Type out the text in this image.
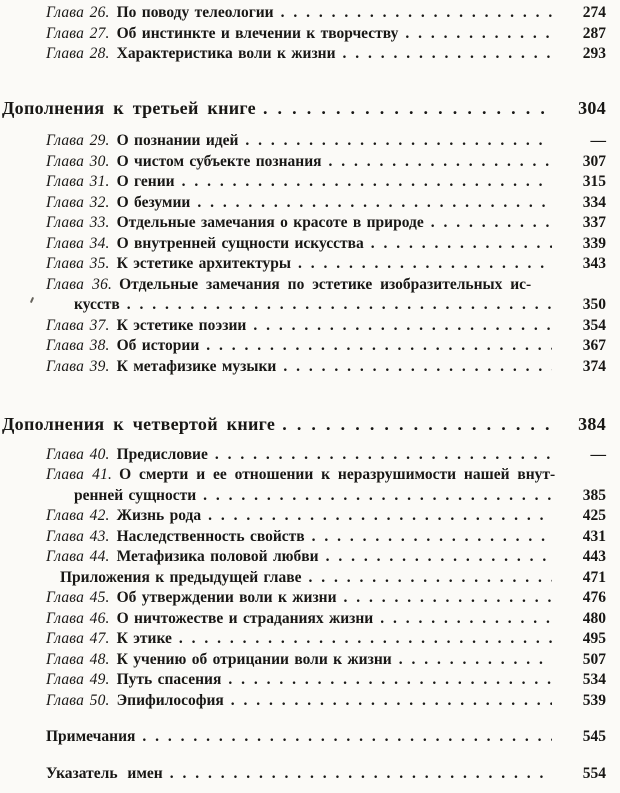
Глава 26. По поводу телеологии . . .	274
Глава 27. Об инстинкте и влечении к творчеству . . .	287
Глава 28. Характеристика воли к жизни . . .	293
Дополнения к третьей книге . . .	304
Глава 29. О познании идей . . .	—
Глава 30. О чистом субъекте познания . . .	307
Глава 31. О гении . . .	315
Глава 32. О безумии . . .	334
Глава 33. Отдельные замечания о красоте в природе . . .	337
Глава 34. О внутренней сущности искусства . . .	339
Глава 35. К эстетике архитектуры . . .	343
Глава 36. Отдельные замечания по эстетике изобразительных ис-
кусств . . .	350
Глава 37. К эстетике поэзии . . .	354
Глава 38. Об истории . . .	367
Глава 39. К метафизике музыки . . .	374
Дополнения к четвертой книге . . .	384
Глава 40. Предисловие . . .	—
Глава 41. О смерти и ее отношении к неразрушимости нашей внут-
ренней сущности . . .	385
Глава 42. Жизнь рода . . .	425
Глава 43. Наследственность свойств . . .	431
Глава 44. Метафизика половой любви . . .	443
Приложения к предыдущей главе . . .	471
Глава 45. Об утверждении воли к жизни . . .	476
Глава 46. О ничтожестве и страданиях жизни . . .	480
Глава 47. К этике . . .	495
Глава 48. К учению об отрицании воли к жизни . . .	507
Глава 49. Путь спасения . . .	534
Глава 50. Эпифилософия . . .	539
Примечания . . .	545
Указатель имен . . .	554
